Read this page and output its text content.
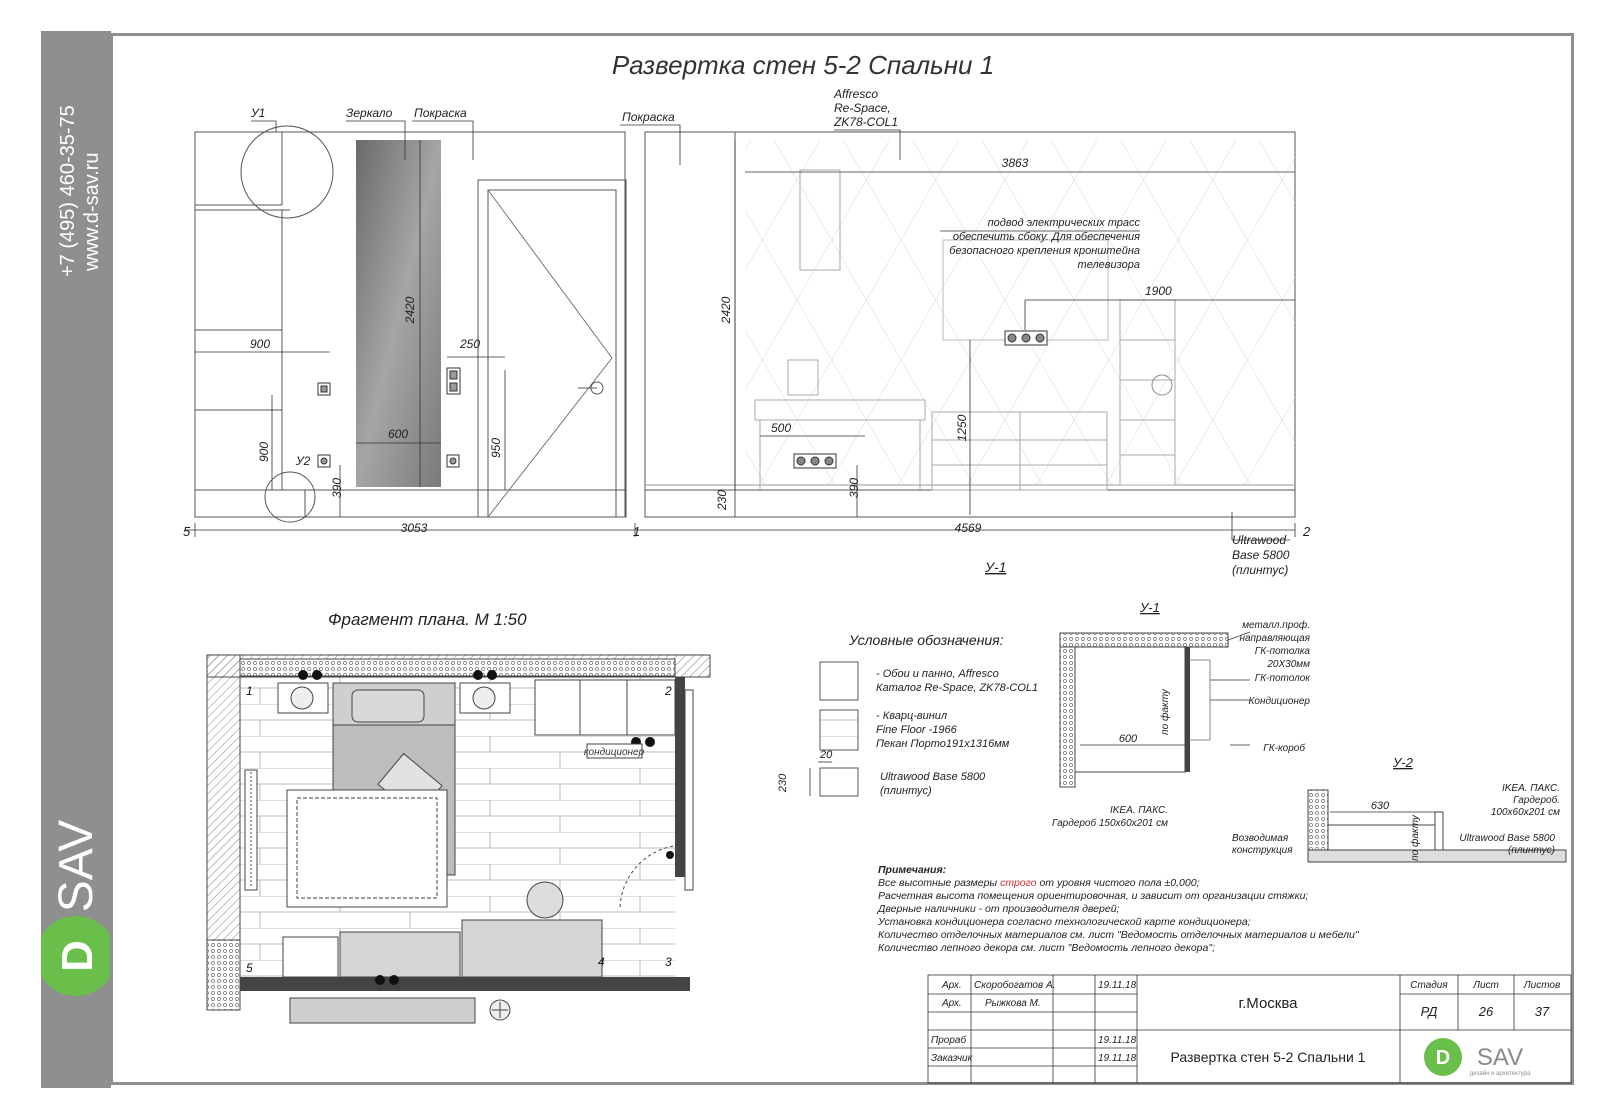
+7 (495) 460-35-75 www.d-sav.ru
SAV
D
Развертка стен 5-2 Спальни 1
У1	Зеркало Покраска	Покраска
Affresco
Re-Space,
ZK78-COL1
У2
3863
900	250
600	500
1900
3053	4569
2420	2420
900	950
390	390
230
1250
5	1	2
подвод электрических трасс
обеспечить сбоку. Для обеспечения
безопасного крепления кронштейна
телевизора
Ultrawood
Base 5800
(плинтус)
У-1
Фрагмент плана. М 1:50
кондиционер
1	2
3
4
5
Условные обозначения:
20
230
- Обои и панно, Affresco
Каталог Re-Space, ZK78-COL1
- Кварц-винил
Fine Floor -1966
Пекан Порто191x1316мм
Ultrawood Base 5800
(плинтус)
У-1
600
по факту
металл.проф.
направляющая
ГК-потолка
20Х30мм
ГК-потолок
Кондиционер
ГК-короб
IKEA. ПАКС.
Гардероб 150х60х201 см
У-2
630
по факту
IKEA. ПАКС.
Гардероб.
100х60х201 см
Ultrawood Base 5800
(плинтус)
Возводимая
конструкция
Примечания:
Все высотные размеры строго от уровня чистого пола ±0,000;
Расчетная высота помещения ориентировочная, и зависит от организации стяжки;
Дверные наличники - от производителя дверей;
Установка кондиционера согласно технологической карте кондиционера;
Количество отделочных материалов см. лист "Ведомость отделочных материалов и мебели"
Количество лепного декора см. лист "Ведомость лепного декора";
Арх. Скоробогатов А.	19.11.18
Арх. Рыжкова М.
Прораб	19.11.18
Заказчик	19.11.18
Стадия	Лист Листов
РД	26	37
г.Москва
Развертка стен 5-2 Спальни 1	D SAV
дизайн и архитектура
